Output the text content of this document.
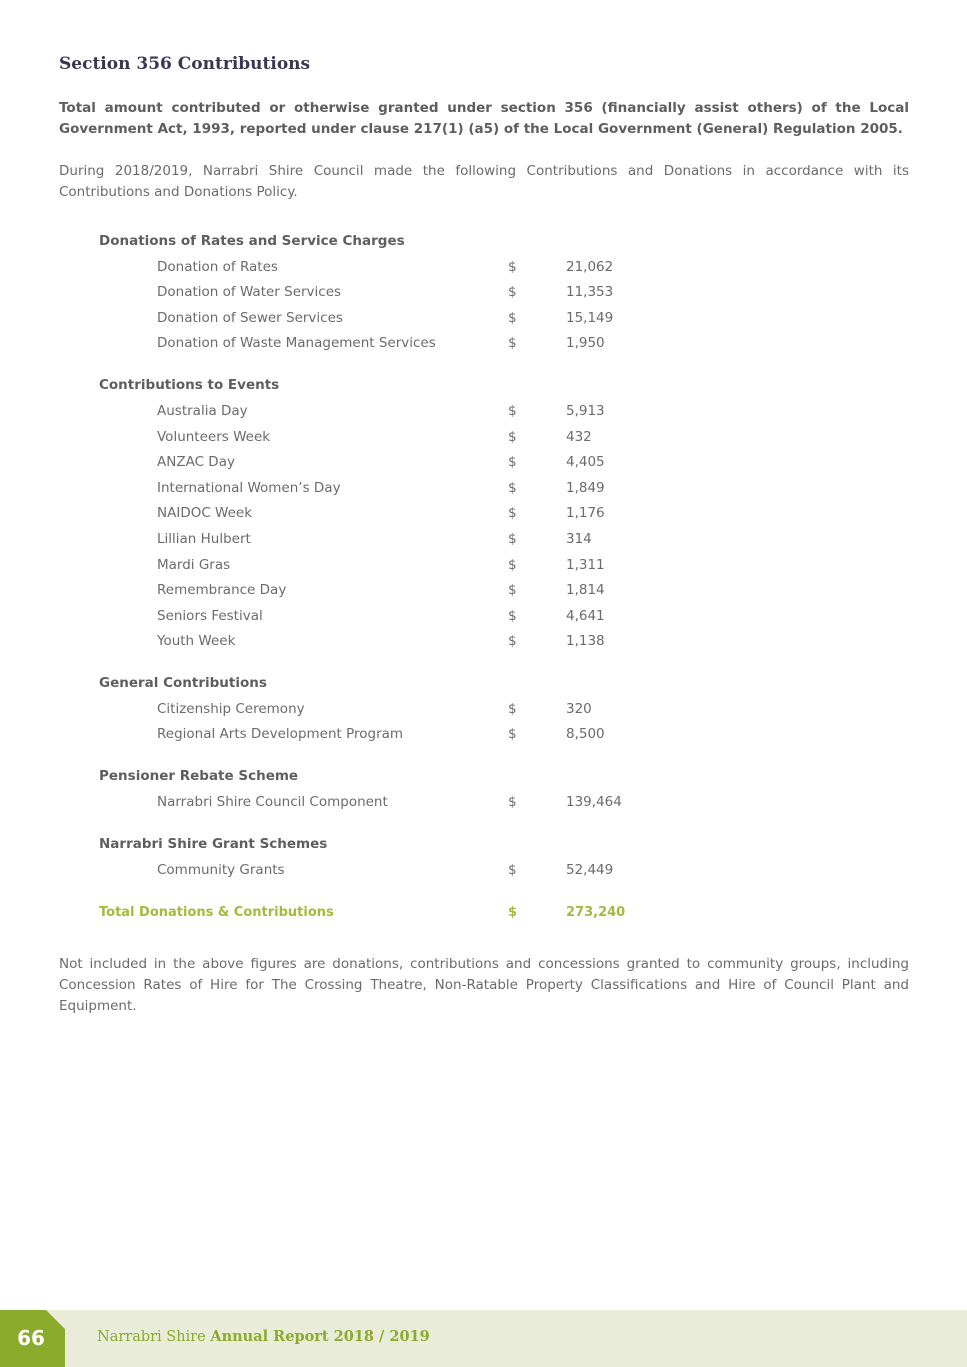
Section 356 Contributions

Total amount contributed or otherwise granted under section 356 (financially assist others) of the Local Government Act, 1993, reported under clause 217(1) (a5) of the Local Government (General) Regulation 2005.

During 2018/2019, Narrabri Shire Council made the following Contributions and Donations in accordance with its Contributions and Donations Policy.

Donations of Rates and Service Charges
Donation of Rates	$	21,062
Donation of Water Services	$	11,353
Donation of Sewer Services	$	15,149
Donation of Waste Management Services	$	1,950
Contributions to Events
Australia Day	$	5,913
Volunteers Week	$	432
ANZAC Day	$	4,405
International Women’s Day	$	1,849
NAIDOC Week	$	1,176
Lillian Hulbert	$	314
Mardi Gras	$	1,311
Remembrance Day	$	1,814
Seniors Festival	$	4,641
Youth Week	$	1,138
General Contributions
Citizenship Ceremony	$	320
Regional Arts Development Program	$	8,500
Pensioner Rebate Scheme
Narrabri Shire Council Component	$	139,464
Narrabri Shire Grant Schemes
Community Grants	$	52,449
Total Donations & Contributions	$	273,240

Not included in the above figures are donations, contributions and concessions granted to community groups, including Concession Rates of Hire for The Crossing Theatre, Non-Ratable Property Classifications and Hire of Council Plant and Equipment.

66	Narrabri Shire Annual Report 2018 / 2019
